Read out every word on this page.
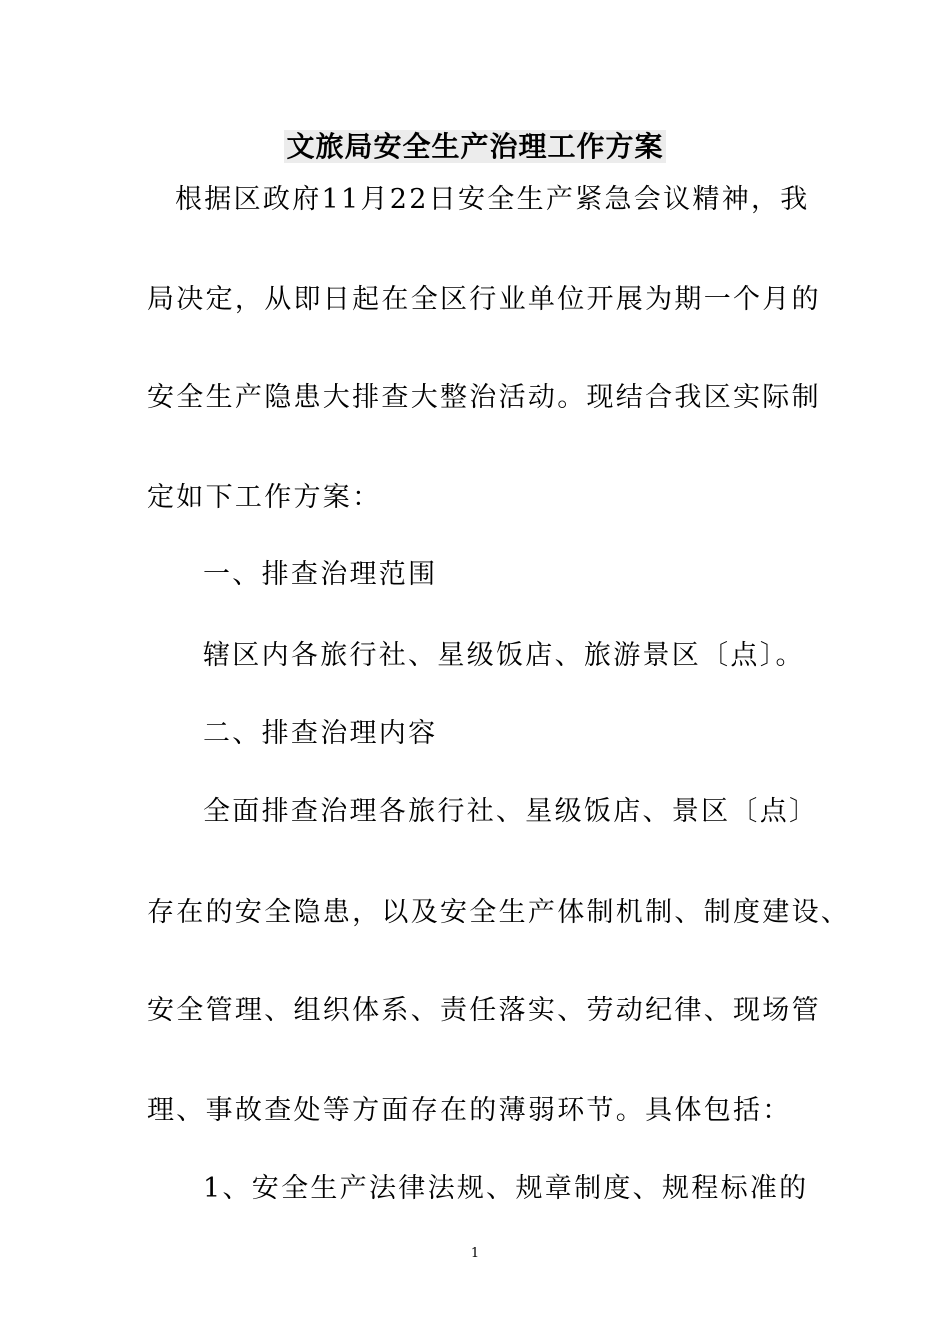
文旅局安全生产治理工作方案
根据区政府11月22日安全生产紧急会议精神，我
局决定，从即日起在全区行业单位开展为期一个月的
安全生产隐患大排查大整治活动。现结合我区实际制
定如下工作方案：
一、排查治理范围
辖区内各旅行社、星级饭店、旅游景区〔点〕。
二、排查治理内容
全面排查治理各旅行社、星级饭店、景区〔点〕
存在的安全隐患，以及安全生产体制机制、制度建设、
安全管理、组织体系、责任落实、劳动纪律、现场管
理、事故查处等方面存在的薄弱环节。具体包括：
1、安全生产法律法规、规章制度、规程标准的
1
